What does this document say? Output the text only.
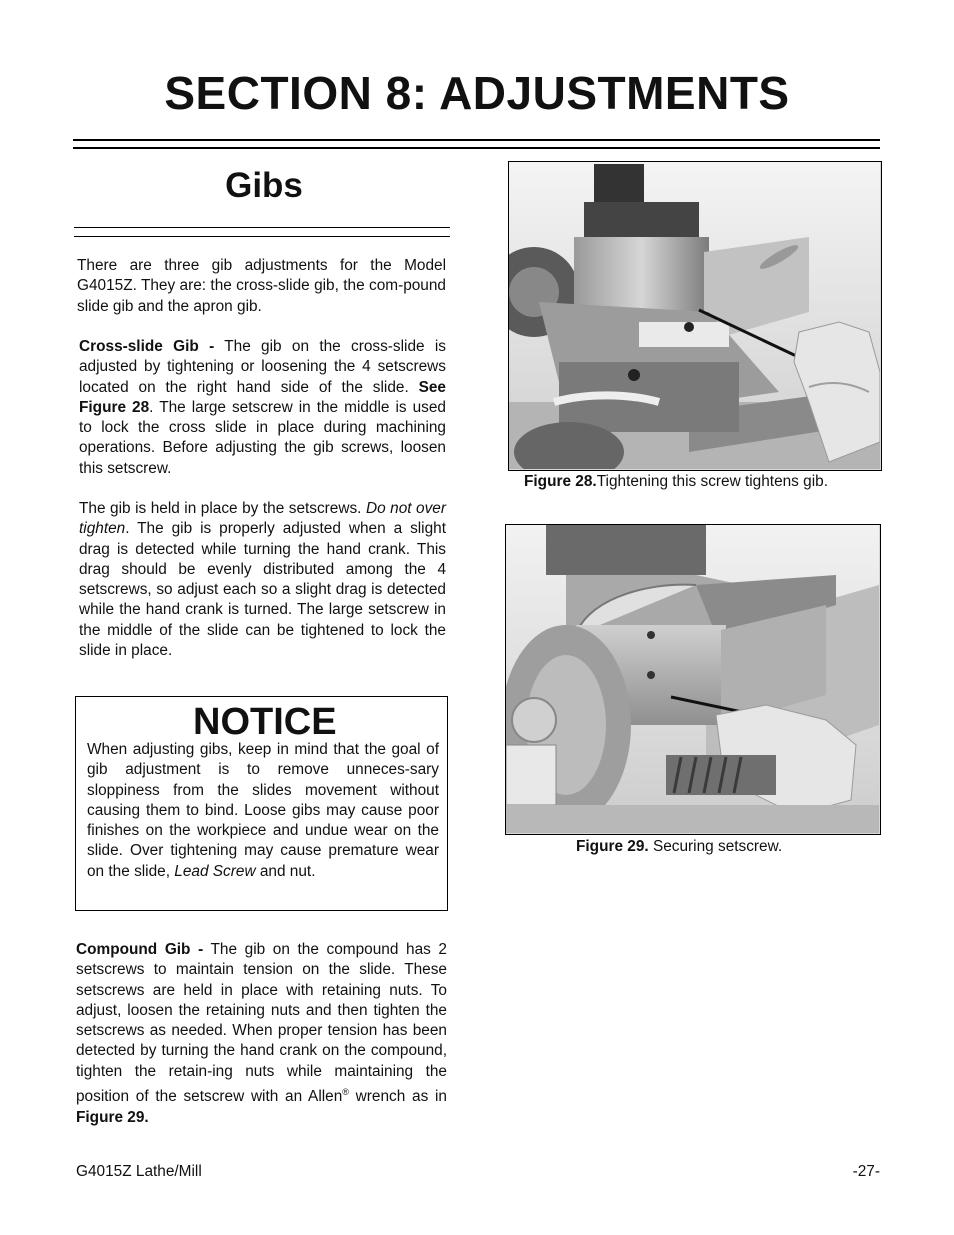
SECTION 8: ADJUSTMENTS
Gibs

There are three gib adjustments for the Model G4015Z. They are: the cross-slide gib, the com-pound slide gib and the apron gib.

Cross-slide Gib - The gib on the cross-slide is adjusted by tightening or loosening the 4 setscrews located on the right hand side of the slide. See Figure 28. The large setscrew in the middle is used to lock the cross slide in place during machining operations. Before adjusting the gib screws, loosen this setscrew.

The gib is held in place by the setscrews. Do not over tighten. The gib is properly adjusted when a slight drag is detected while turning the hand crank. This drag should be evenly distributed among the 4 setscrews, so adjust each so a slight drag is detected while the hand crank is turned. The large setscrew in the middle of the slide can be tightened to lock the slide in place.

NOTICE

When adjusting gibs, keep in mind that the goal of gib adjustment is to remove unneces-sary sloppiness from the slides movement without causing them to bind. Loose gibs may cause poor finishes on the workpiece and undue wear on the slide. Over tightening may cause premature wear on the slide, Lead Screw and nut.

Compound Gib - The gib on the compound has 2 setscrews to maintain tension on the slide. These setscrews are held in place with retaining nuts. To adjust, loosen the retaining nuts and then tighten the setscrews as needed. When proper tension has been detected by turning the hand crank on the compound, tighten the retain-ing nuts while maintaining the position of the setscrew with an Allen® wrench as in Figure 29.

Figure 28.Tightening this screw tightens gib.

Figure 29. Securing setscrew.

G4015Z Lathe/Mill	-27-
